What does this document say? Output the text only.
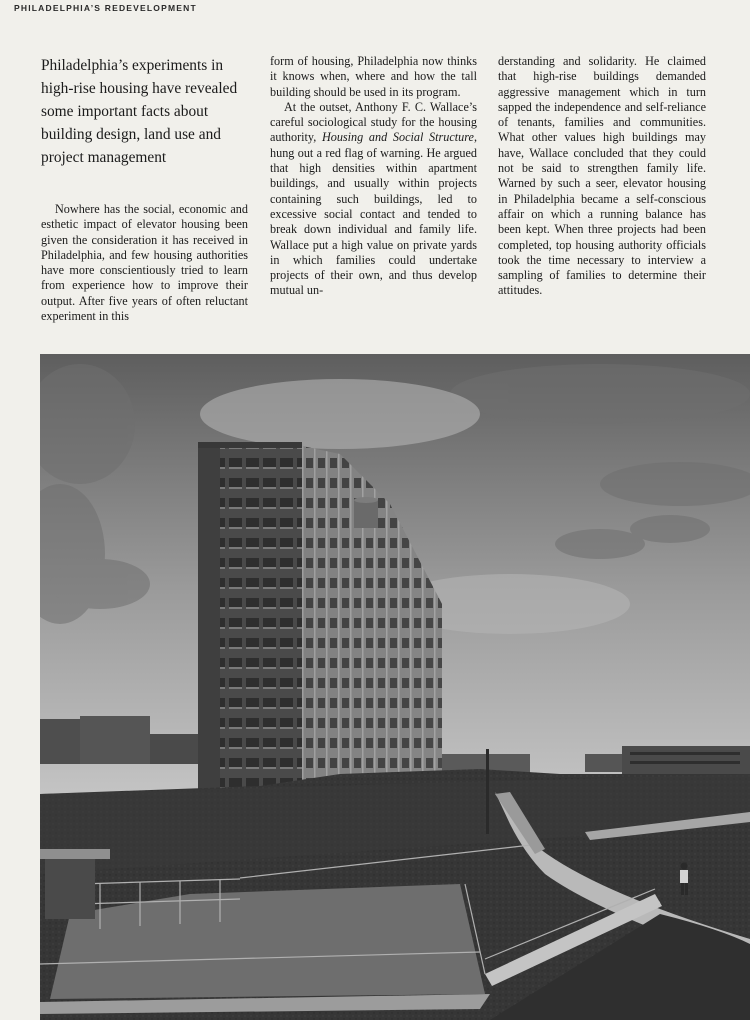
PHILADELPHIA’S REDEVELOPMENT

Philadelphia’s experiments in high-rise housing have revealed some important facts about building design, land use and project management

Nowhere has the social, economic and esthetic impact of elevator housing been given the consideration it has received in Philadelphia, and few housing authorities have more conscientiously tried to learn from experience how to improve their output. After five years of often reluctant experiment in this

form of housing, Philadelphia now thinks it knows when, where and how the tall building should be used in its program.

At the outset, Anthony F. C. Wallace’s careful sociological study for the housing authority, Housing and Social Structure, hung out a red flag of warning. He argued that high densities within apartment buildings, and usually within projects containing such buildings, led to excessive social contact and tended to break down individual and family life. Wallace put a high value on private yards in which families could undertake projects of their own, and thus develop mutual un-

derstanding and solidarity. He claimed that high-rise buildings demanded aggressive management which in turn sapped the independence and self-reliance of tenants, families and communities. What other values high buildings may have, Wallace concluded that they could not be said to strengthen family life. Warned by such a seer, elevator housing in Philadelphia became a self-conscious affair on which a running balance has been kept. When three projects had been completed, top housing authority officials took the time necessary to interview a sampling of families to determine their attitudes.
